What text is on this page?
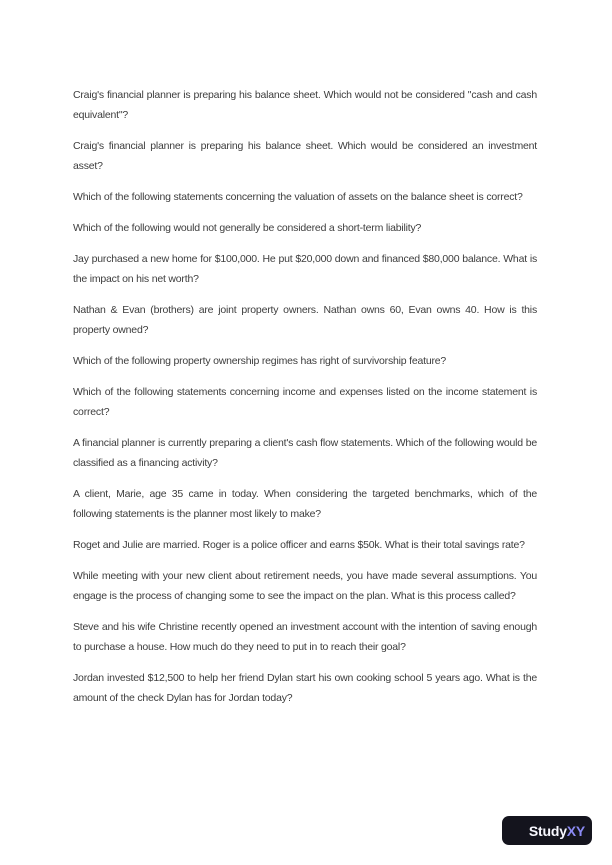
Craig's financial planner is preparing his balance sheet. Which would not be considered "cash and cash equivalent"?

Craig's financial planner is preparing his balance sheet. Which would be considered an investment asset?

Which of the following statements concerning the valuation of assets on the balance sheet is correct?

Which of the following would not generally be considered a short-term liability?

Jay purchased a new home for $100,000. He put $20,000 down and financed $80,000 balance. What is the impact on his net worth?

Nathan & Evan (brothers) are joint property owners. Nathan owns 60, Evan owns 40. How is this property owned?

Which of the following property ownership regimes has right of survivorship feature?

Which of the following statements concerning income and expenses listed on the income statement is correct?

A financial planner is currently preparing a client's cash flow statements. Which of the following would be classified as a financing activity?

A client, Marie, age 35 came in today. When considering the targeted benchmarks, which of the following statements is the planner most likely to make?

Roget and Julie are married. Roger is a police officer and earns $50k. What is their total savings rate?

While meeting with your new client about retirement needs, you have made several assumptions. You engage is the process of changing some to see the impact on the plan. What is this process called?

Steve and his wife Christine recently opened an investment account with the intention of saving enough to purchase a house. How much do they need to put in to reach their goal?

Jordan invested $12,500 to help her friend Dylan start his own cooking school 5 years ago. What is the amount of the check Dylan has for Jordan today?

StudyXY
